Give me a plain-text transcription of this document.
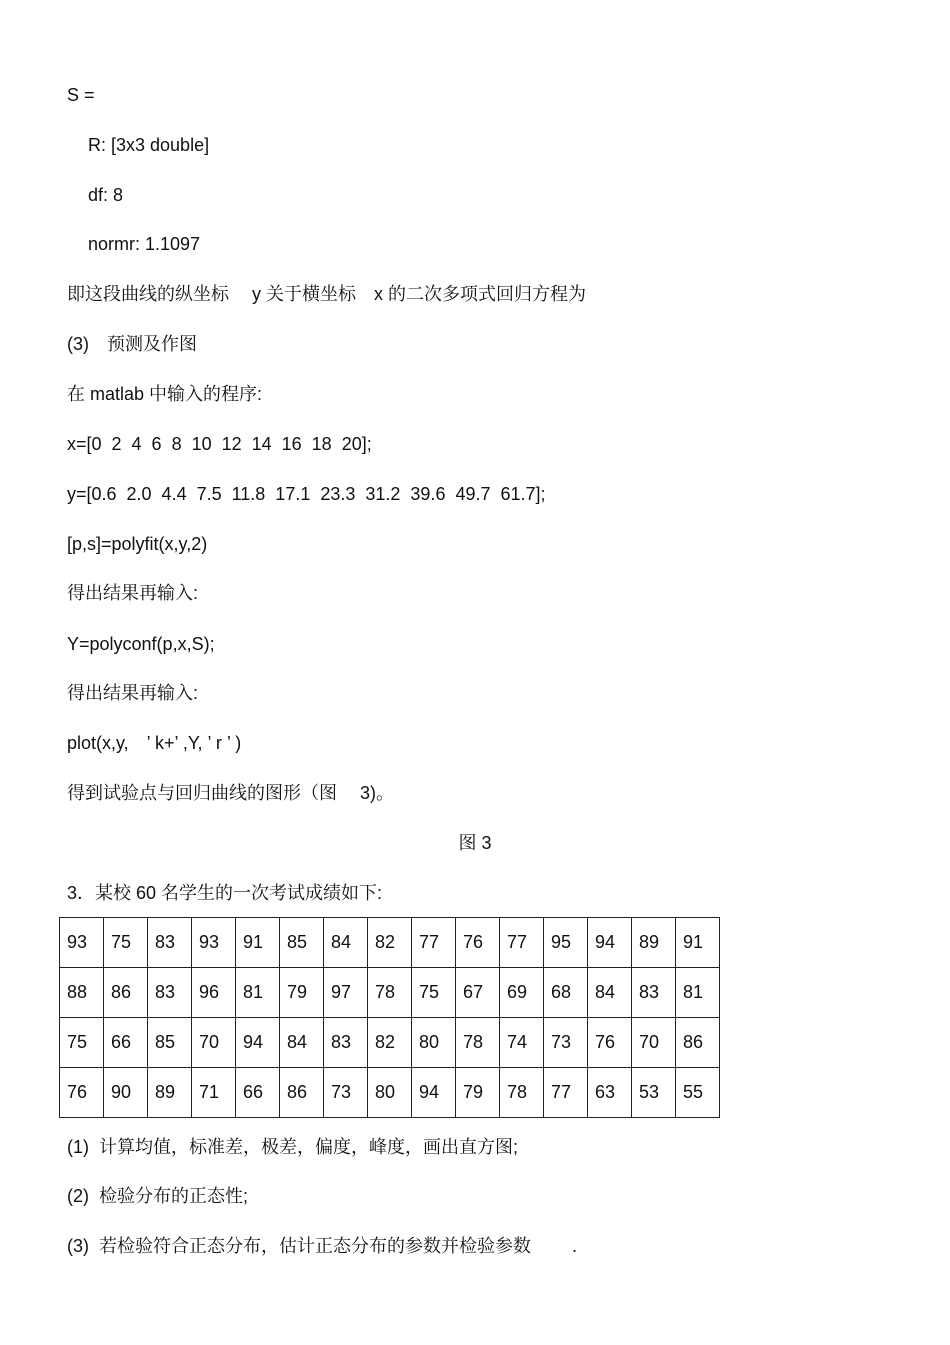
S =
R: [3x3 double]
df: 8
normr: 1.1097
即这段曲线的纵坐标　 y 关于横坐标　x 的二次多项式回归方程为
(3)　预测及作图
在 matlab 中输入的程序:
x=[0  2  4  6  8  10  12  14  16  18  20];
y=[0.6  2.0  4.4  7.5  11.8  17.1  23.3  31.2  39.6  49.7  61.7];
[p,s]=polyfit(x,y,2)
得出结果再输入:
Y=polyconf(p,x,S);
得出结果再输入:
plot(x,y,　’ k+’ ,Y, ’ r ’ )
得到试验点与回归曲线的图形（图　 3)。
图 3
3．某校 60 名学生的一次考试成绩如下:
93	75	83	93	91	85	84	82	77	76	77	95	94	89	91
88	86	83	96	81	79	97	78	75	67	69	68	84	83	81
75	66	85	70	94	84	83	82	80	78	74	73	76	70	86
76	90	89	71	66	86	73	80	94	79	78	77	63	53	55
(1)  计算均值，标准差，极差，偏度，峰度，画出直方图;
(2)  检验分布的正态性;
(3)  若检验符合正态分布，估计正态分布的参数并检验参数　　 .
